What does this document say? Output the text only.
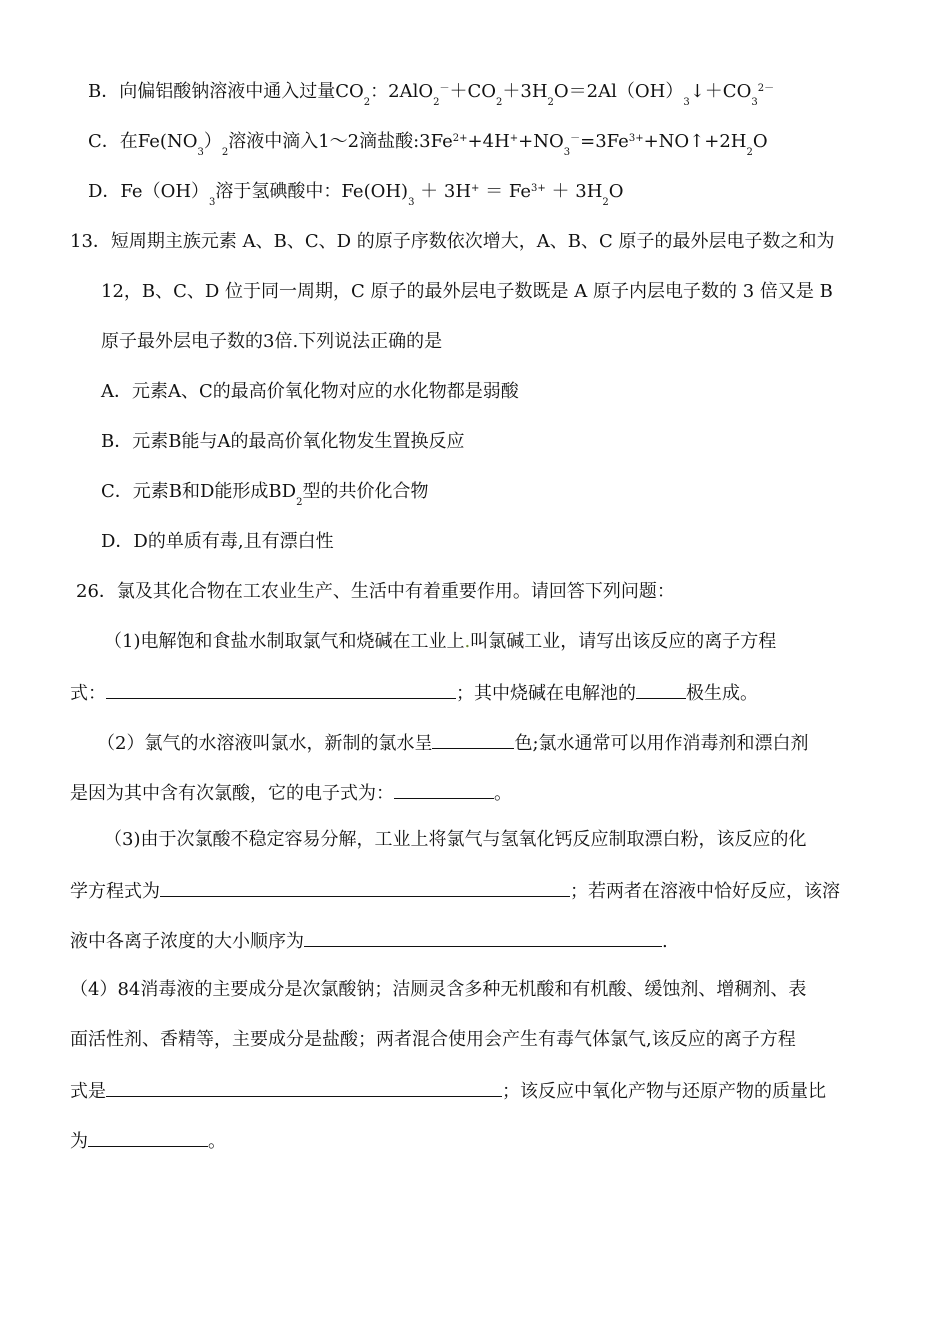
B．向偏铝酸钠溶液中通入过量$CO_2$：$2AlO_2^-+CO_2+3H_2O=2Al(OH)_3↓+CO_3^{2-}$
C．在$Fe(NO_3)_2$溶液中滴入1～2滴盐酸$:3Fe^{2+}+4H^++NO_3^-=3Fe^{3+}+NO↑+2H_2O$
D．$Fe(OH)_3$溶于氢碘酸中：$Fe(OH)_3 + 3H^+ = Fe^{3+} + 3H_2O$
13．短周期主族元素 A、B、C、D 的原子序数依次增大，A、B、C 原子的最外层电子数之和为
12，B、C、D 位于同一周期，C 原子的最外层电子数既是 A 原子内层电子数的 3 倍又是 B
原子最外层电子数的3倍.下列说法正确的是
A．元素A、C的最高价氧化物对应的水化物都是弱酸
B．元素B能与A的最高价氧化物发生置换反应
C．元素B和D能形成$BD_2$型的共价化合物
D．D的单质有毒,且有漂白性
26．氯及其化合物在工农业生产、生活中有着重要作用。请回答下列问题：
（1)电解饱和食盐水制取氯气和烧碱在工业上.叫氯碱工业，请写出该反应的离子方程
式：	；其中烧碱在电解池的	极生成。
（2）氯气的水溶液叫氯水，新制的氯水呈	色;氯水通常可以用作消毒剂和漂白剂
是因为其中含有次氯酸，它的电子式为：	。
（3)由于次氯酸不稳定容易分解，工业上将氯气与氢氧化钙反应制取漂白粉，该反应的化
学方程式为	；若两者在溶液中恰好反应，该溶
液中各离子浓度的大小顺序为	.
（4）84消毒液的主要成分是次氯酸钠；洁厕灵含多种无机酸和有机酸、缓蚀剂、增稠剂、表
面活性剂、香精等，主要成分是盐酸；两者混合使用会产生有毒气体氯气,该反应的离子方程
式是	；该反应中氧化产物与还原产物的质量比
为	。
